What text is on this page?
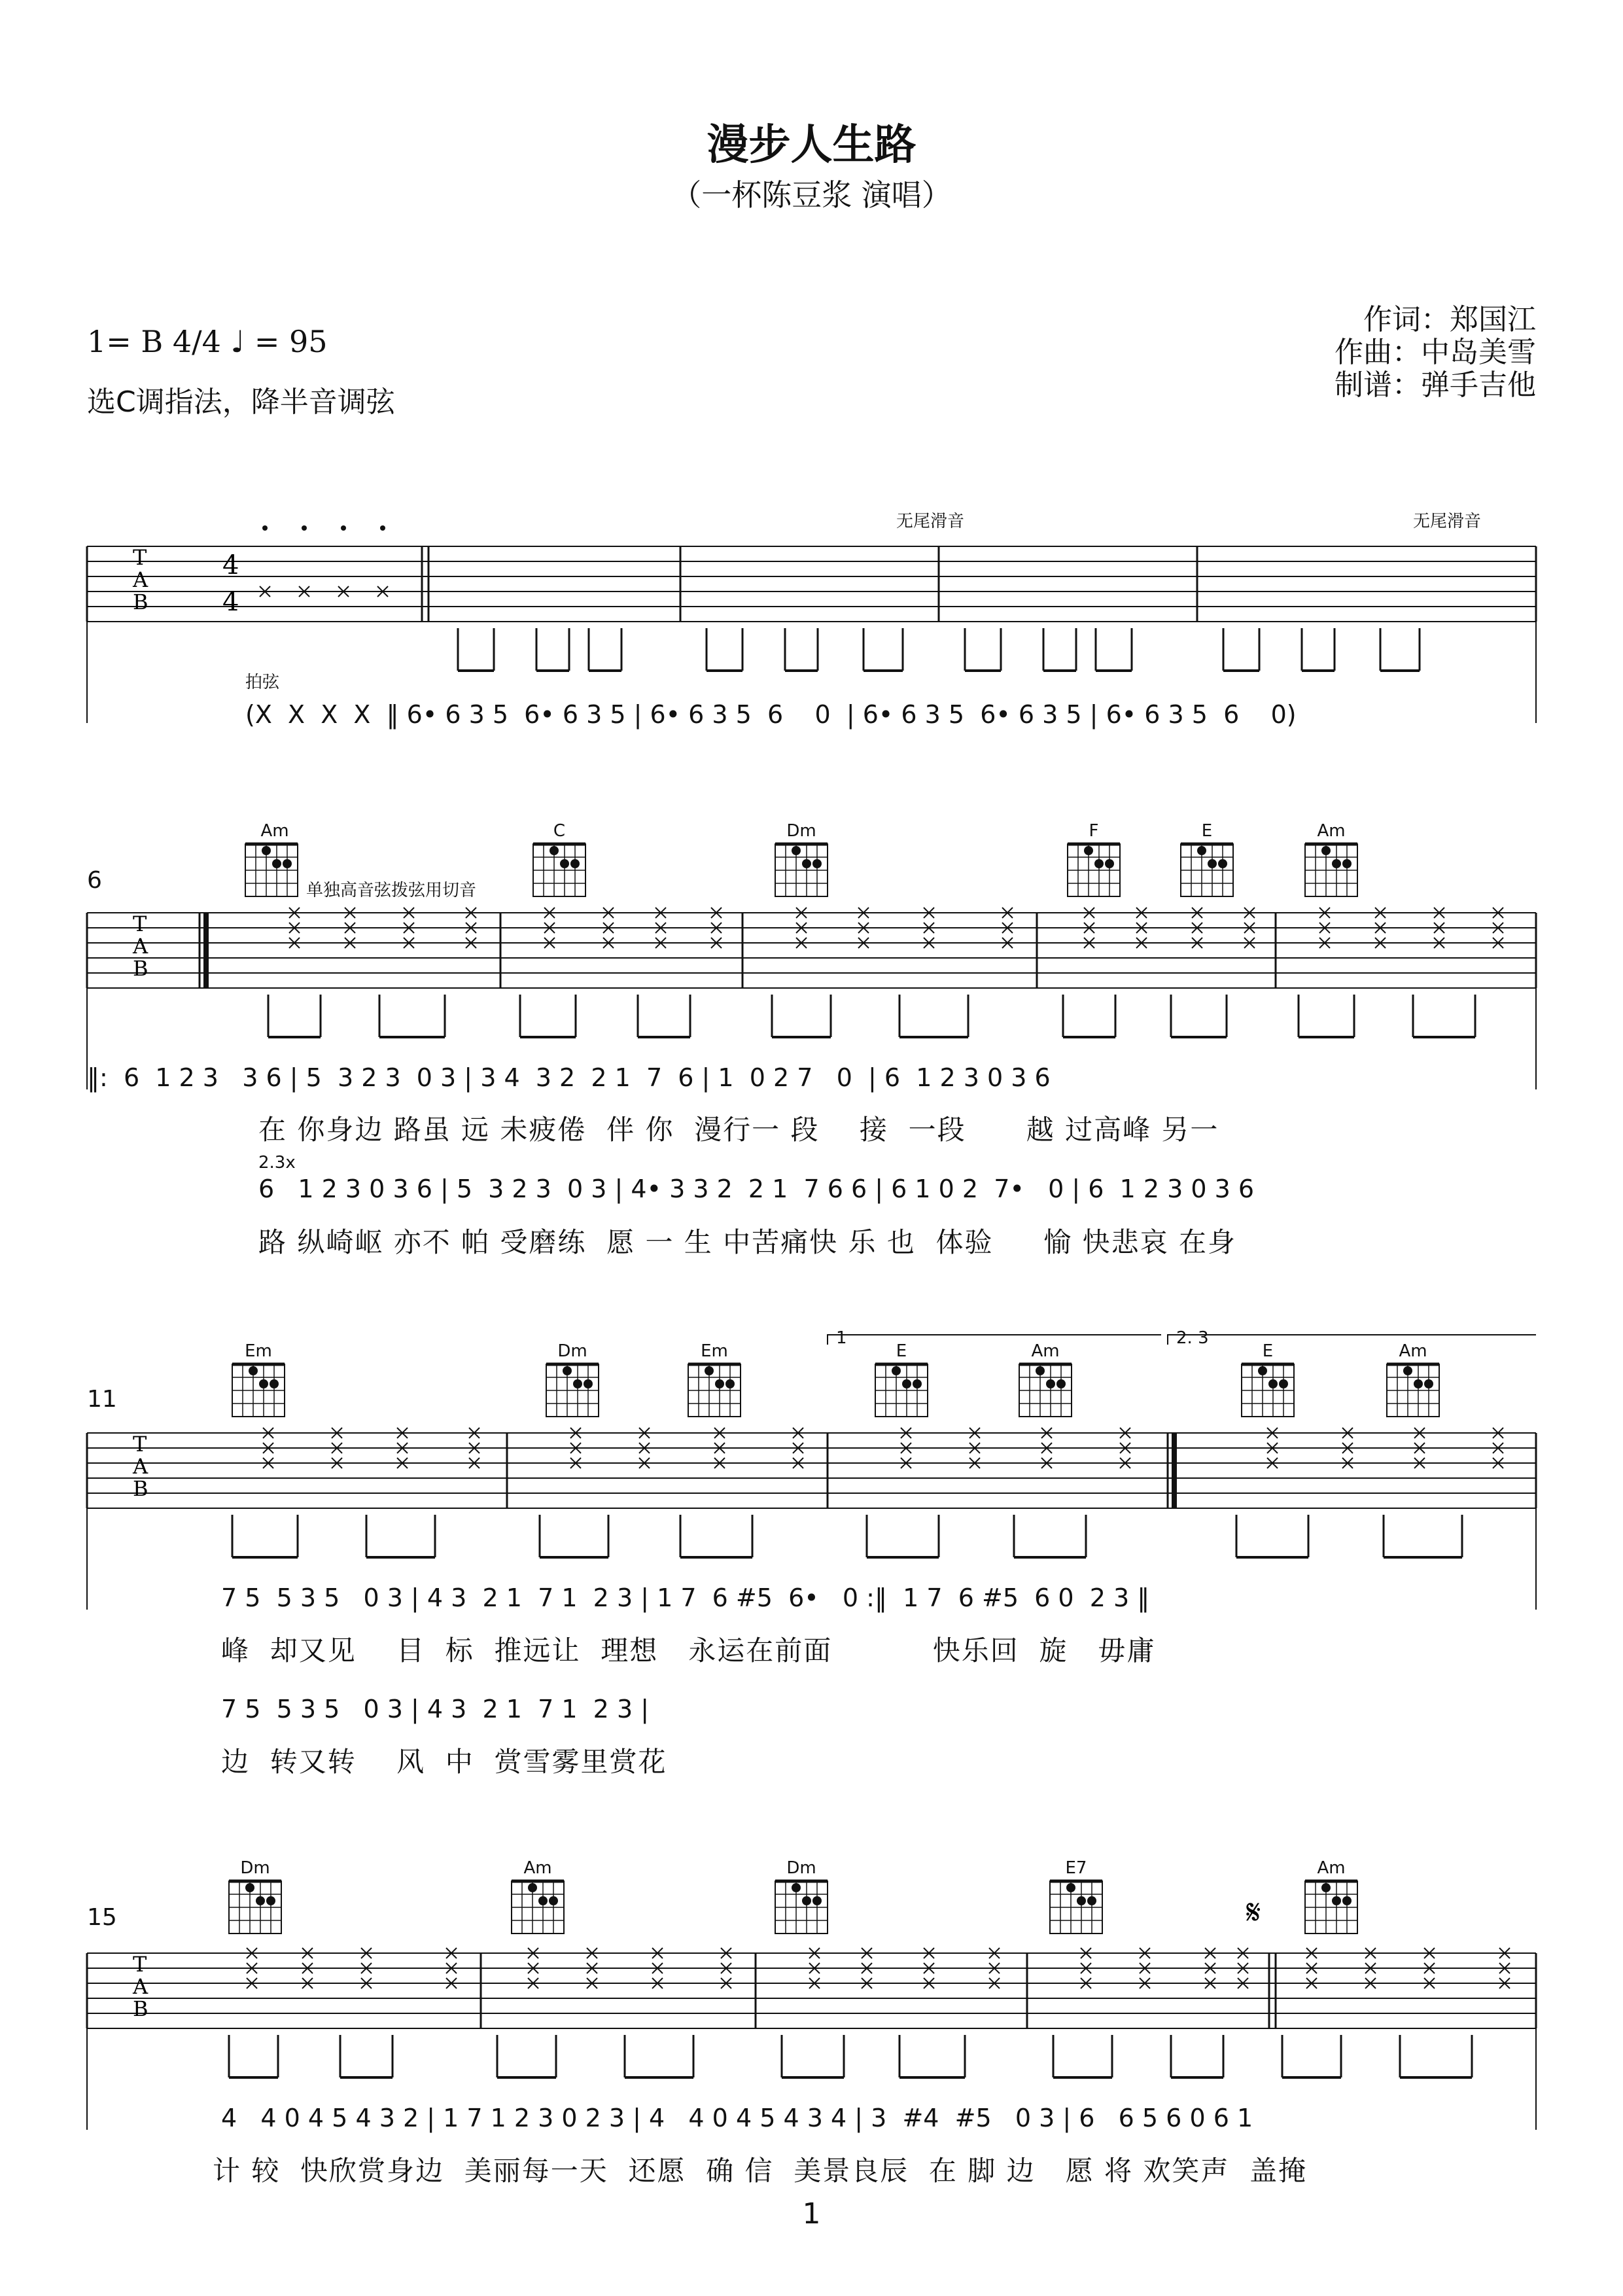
漫步人生路
（一杯陈豆浆 演唱）
1= B 4/4 ♩ = 95
选C调指法，降半音调弦
作词：郑国江
作曲：中岛美雪
制谱：弹手吉他
无尾滑音	无尾滑音
拍弦
(X  X  X  X  ‖ 6• 6 3 5  6• 6 3 5 | 6• 6 3 5  6    0  | 6• 6 3 5  6• 6 3 5 | 6• 6 3 5  6    0)
6
Am	C	Dm	F	E	Am
单独高音弦拨弦用切音
‖:  6  1 2 3   3 6 | 5  3 2 3  0 3 | 3 4  3 2  2 1  7  6 | 1  0 2 7   0  | 6  1 2 3 0 3 6
在 你身边 路虽 远 未疲倦  伴 你  漫行一 段    接  一段      越 过高峰 另一
2.3x
6   1 2 3 0 3 6 | 5  3 2 3  0 3 | 4• 3 3 2  2 1  7 6 6 | 6 1 0 2  7•   0 | 6  1 2 3 0 3 6
路 纵崎岖 亦不 帕 受磨练  愿 一 生 中苦痛快 乐 也  体验     愉 快悲哀 在身
11
Em	Dm	Em	E	Am	E	Am
1	2. 3
7 5  5 3 5   0 3 | 4 3  2 1  7 1  2 3 | 1 7  6 #5  6•   0 :‖  1 7  6 #5  6 0  2 3 ‖
峰  却又见    目  标  推远让  理想   永运在前面          快乐回  旋   毋庸
7 5  5 3 5   0 3 | 4 3  2 1  7 1  2 3 |
边  转又转    风  中  赏雪雾里赏花
15
Dm	Am	Dm	E7	Am
4   4 0 4 5 4 3 2 | 1 7 1 2 3 0 2 3 | 4   4 0 4 5 4 3 4 | 3  #4  #5   0 3 | 6   6 5 6 0 6 1
计 较  快欣赏身边  美丽每一天  还愿  确 信  美景良辰  在 脚 边   愿 将 欢笑声  盖掩
1
T
A
B
4
4
T
A
B
T
A
B
T
A
B
𝄋
